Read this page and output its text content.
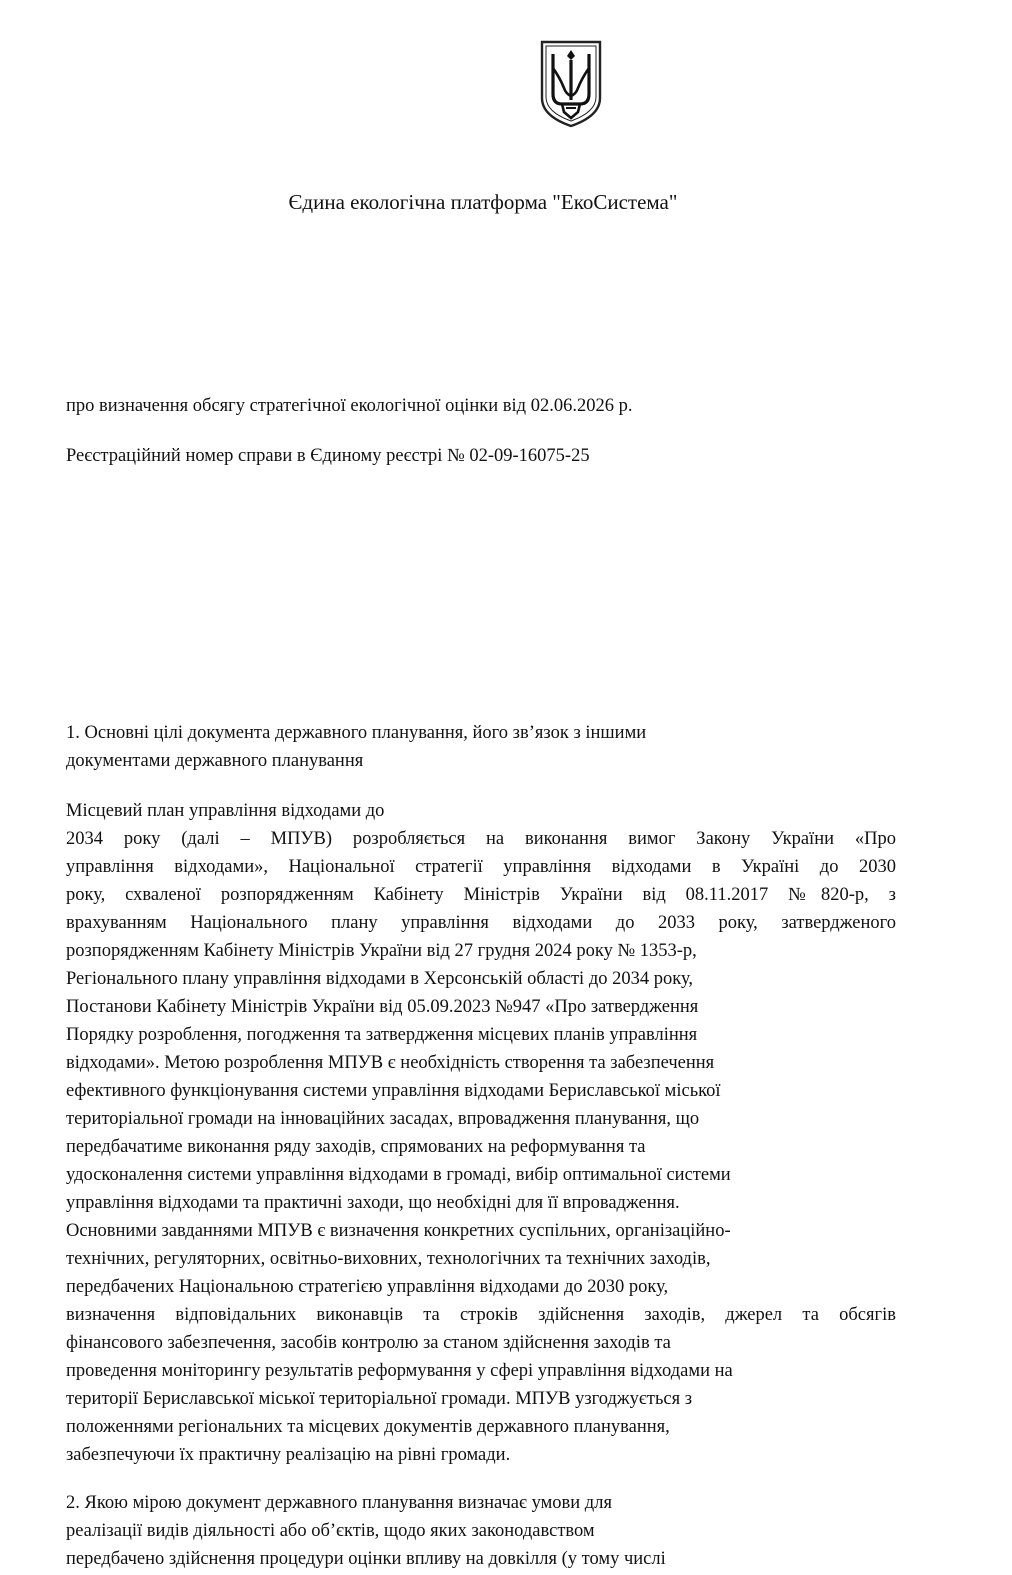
Єдина екологічна платформа "ЕкоСистема"
про визначення обсягу стратегічної екологічної оцінки від 02.06.2026 р.
Реєстраційний номер справи в Єдиному реєстрі № 02-09-16075-25
1. Основні цілі документа державного планування, його зв’язок з іншими
документами державного планування
Місцевий план управління відходами до
2034 року (далі – МПУВ) розробляється на виконання вимог Закону України «Про
управління відходами», Національної стратегії управління відходами в Україні до 2030
року, схваленої розпорядженням Кабінету Міністрів України від 08.11.2017 №820-р, з
врахуванням Національного плану управління відходами до 2033 року, затвердженого
розпорядженням Кабінету Міністрів України від 27 грудня 2024 року № 1353-р,
Регіонального плану управління відходами в Херсонській області до 2034 року,
Постанови Кабінету Міністрів України від 05.09.2023 №947 «Про затвердження
Порядку розроблення, погодження та затвердження місцевих планів управління
відходами». Метою розроблення МПУВ є необхідність створення та забезпечення
ефективного функціонування системи управління відходами Бериславської міської
територіальної громади на інноваційних засадах, впровадження планування, що
передбачатиме виконання ряду заходів, спрямованих на реформування та
удосконалення системи управління відходами в громаді, вибір оптимальної системи
управління відходами та практичні заходи, що необхідні для її впровадження.
Основними завданнями МПУВ є визначення конкретних суспільних, організаційно-
технічних, регуляторних, освітньо-виховних, технологічних та технічних заходів,
передбачених Національною стратегією управління відходами до 2030 року,
визначення відповідальних виконавців та строків здійснення заходів, джерел та обсягів
фінансового забезпечення, засобів контролю за станом здійснення заходів та
проведення моніторингу результатів реформування у сфері управління відходами на
території Бериславської міської територіальної громади. МПУВ узгоджується з
положеннями регіональних та місцевих документів державного планування,
забезпечуючи їх практичну реалізацію на рівні громади.
2. Якою мірою документ державного планування визначає умови для
реалізації видів діяльності або об’єктів, щодо яких законодавством
передбачено здійснення процедури оцінки впливу на довкілля (у тому числі
